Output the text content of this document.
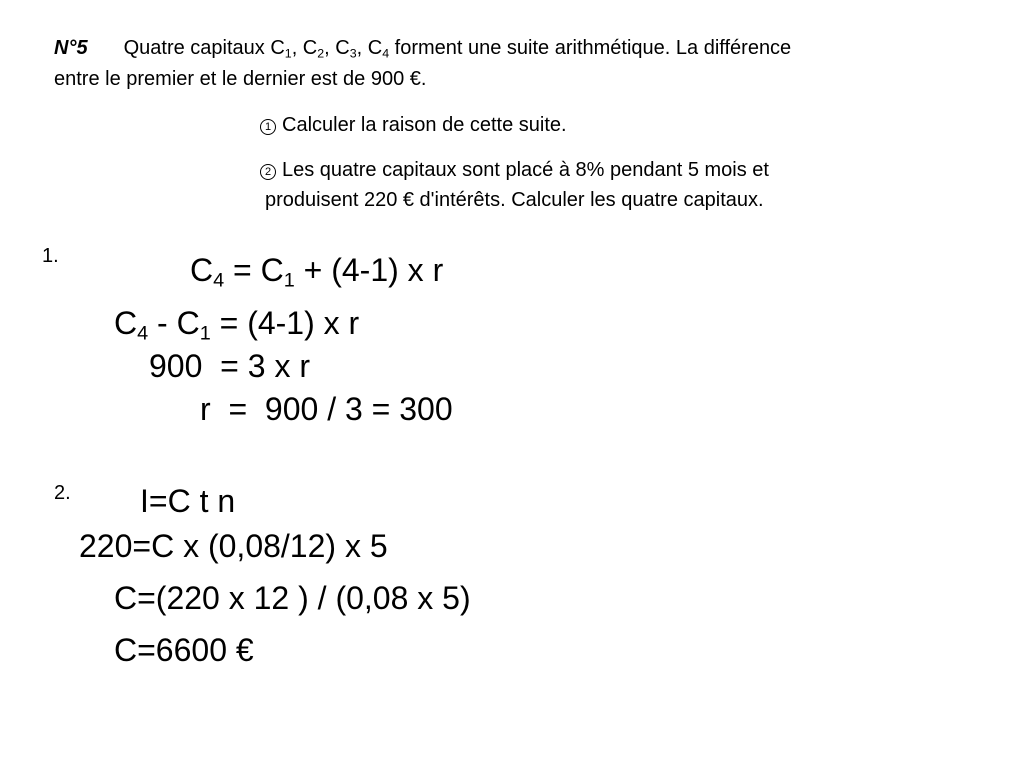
N°5 Quatre capitaux $C_1$, $C_2$, $C_3$, $C_4$ forment une suite arithmétique. La différence
entre le premier et le dernier est de 900 €.
1 Calculer la raison de cette suite.
2 Les quatre capitaux sont placé à 8% pendant 5 mois et
produisent 220 € d'intérêts. Calculer les quatre capitaux.
1.	$C_4 = C_1 + (4-1)$ x r
$C_4 - C_1 = (4-1)$ x r
900  = 3 x r
r  =  900 / 3 = 300
2. I=C t n
220=C x (0,08/12) x 5
C=(220 x 12 ) / (0,08 x 5)
C=6600 €
